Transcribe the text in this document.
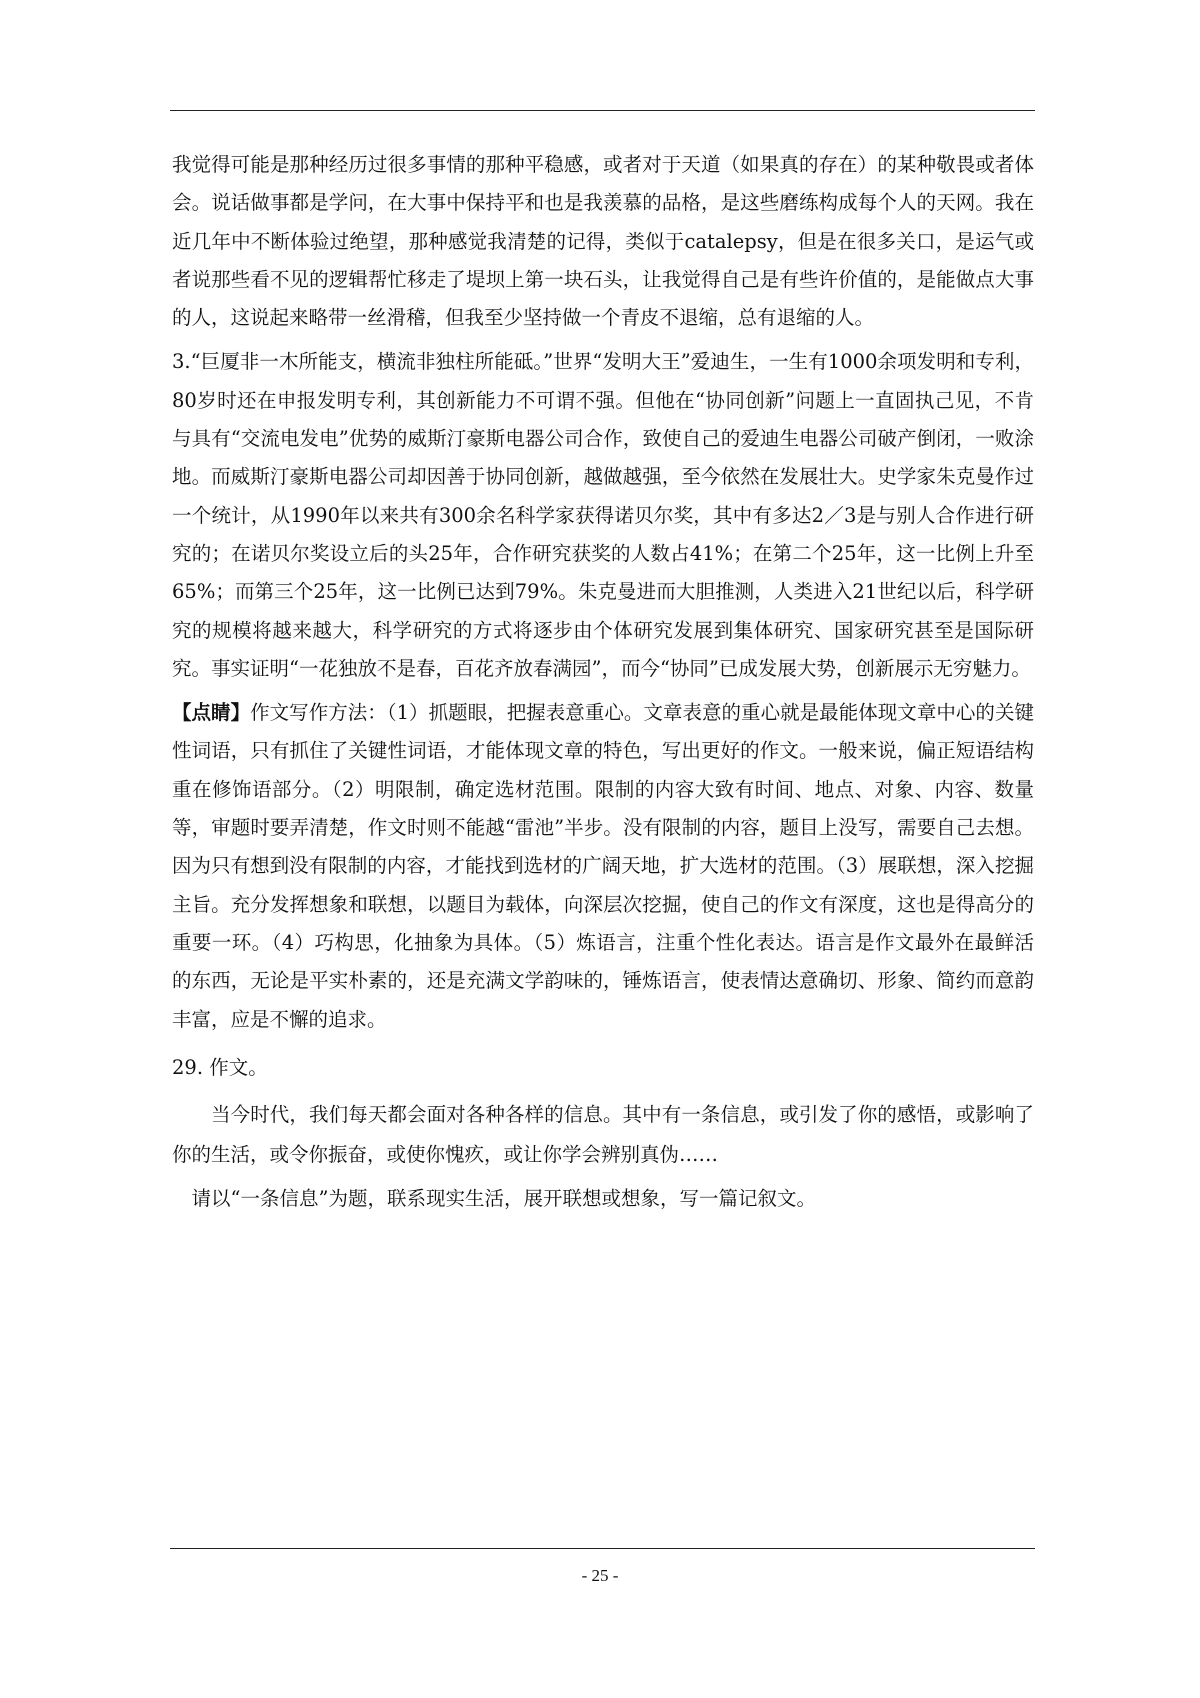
我觉得可能是那种经历过很多事情的那种平稳感，或者对于天道（如果真的存在）的某种敬畏或者体会。说话做事都是学问，在大事中保持平和也是我羡慕的品格，是这些磨练构成每个人的天网。我在近几年中不断体验过绝望，那种感觉我清楚的记得，类似于catalepsy，但是在很多关口，是运气或者说那些看不见的逻辑帮忙移走了堤坝上第一块石头，让我觉得自己是有些许价值的，是能做点大事的人，这说起来略带一丝滑稽，但我至少坚持做一个青皮不退缩，总有退缩的人。

3.“巨厦非一木所能支，横流非独柱所能砥。”世界“发明大王”爱迪生，一生有1000余项发明和专利，80岁时还在申报发明专利，其创新能力不可谓不强。但他在“协同创新”问题上一直固执己见，不肯与具有“交流电发电”优势的威斯汀豪斯电器公司合作，致使自己的爱迪生电器公司破产倒闭，一败涂地。而威斯汀豪斯电器公司却因善于协同创新，越做越强，至今依然在发展壮大。史学家朱克曼作过一个统计，从1990年以来共有300余名科学家获得诺贝尔奖，其中有多达2／3是与别人合作进行研究的；在诺贝尔奖设立后的头25年，合作研究获奖的人数占41%；在第二个25年，这一比例上升至65%；而第三个25年，这一比例已达到79%。朱克曼进而大胆推测，人类进入21世纪以后，科学研究的规模将越来越大，科学研究的方式将逐步由个体研究发展到集体研究、国家研究甚至是国际研究。事实证明“一花独放不是春，百花齐放春满园”，而今“协同”已成发展大势，创新展示无穷魅力。

【点睛】作文写作方法：（1）抓题眼，把握表意重心。文章表意的重心就是最能体现文章中心的关键性词语，只有抓住了关键性词语，才能体现文章的特色，写出更好的作文。一般来说，偏正短语结构重在修饰语部分。（2）明限制，确定选材范围。限制的内容大致有时间、地点、对象、内容、数量等，审题时要弄清楚，作文时则不能越“雷池”半步。没有限制的内容，题目上没写，需要自己去想。因为只有想到没有限制的内容，才能找到选材的广阔天地，扩大选材的范围。（3）展联想，深入挖掘主旨。充分发挥想象和联想，以题目为载体，向深层次挖掘，使自己的作文有深度，这也是得高分的重要一环。（4）巧构思，化抽象为具体。（5）炼语言，注重个性化表达。语言是作文最外在最鲜活的东西，无论是平实朴素的，还是充满文学韵味的，锤炼语言，使表情达意确切、形象、简约而意韵丰富，应是不懈的追求。

29. 作文。
当今时代，我们每天都会面对各种各样的信息。其中有一条信息，或引发了你的感悟，或影响了你的生活，或令你振奋，或使你愧疚，或让你学会辨别真伪……
请以“一条信息”为题，联系现实生活，展开联想或想象，写一篇记叙文。
- 25 -
